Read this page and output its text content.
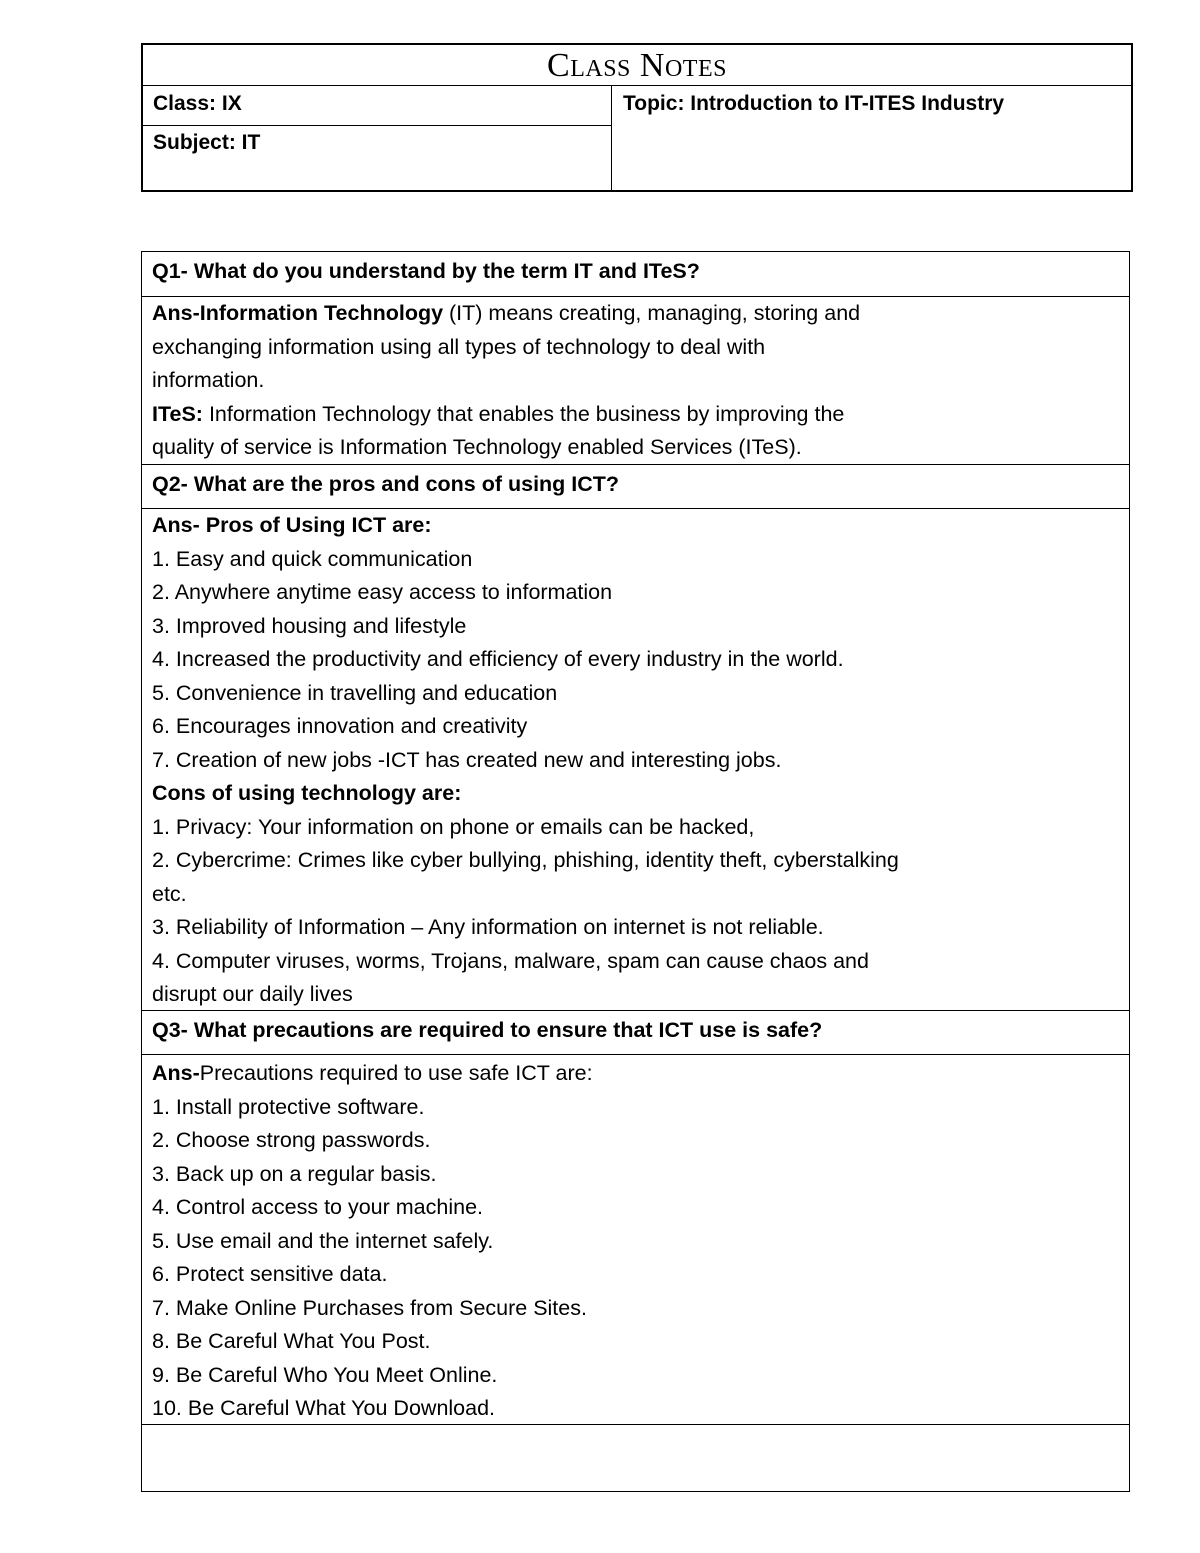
Class Notes
Class: IX
Subject: IT
Topic: Introduction to IT-ITES Industry
Q1- What do you understand by the term IT and ITeS?
Ans-Information Technology (IT) means creating, managing, storing and
exchanging information using all types of technology to deal with
information.
ITeS: Information Technology that enables the business by improving the
quality of service is Information Technology enabled Services (ITeS).
Q2- What are the pros and cons of using ICT?
Ans- Pros of Using ICT are:
1. Easy and quick communication
2. Anywhere anytime easy access to information
3. Improved housing and lifestyle
4. Increased the productivity and efficiency of every industry in the world.
5. Convenience in travelling and education
6. Encourages innovation and creativity
7. Creation of new jobs -ICT has created new and interesting jobs.
Cons of using technology are:
1. Privacy: Your information on phone or emails can be hacked,
2. Cybercrime: Crimes like cyber bullying, phishing, identity theft, cyberstalking
etc.
3. Reliability of Information – Any information on internet is not reliable.
4. Computer viruses, worms, Trojans, malware, spam can cause chaos and
disrupt our daily lives
Q3- What precautions are required to ensure that ICT use is safe?
Ans-Precautions required to use safe ICT are:
1. Install protective software.
2. Choose strong passwords.
3. Back up on a regular basis.
4. Control access to your machine.
5. Use email and the internet safely.
6. Protect sensitive data.
7. Make Online Purchases from Secure Sites.
8. Be Careful What You Post.
9. Be Careful Who You Meet Online.
10. Be Careful What You Download.
